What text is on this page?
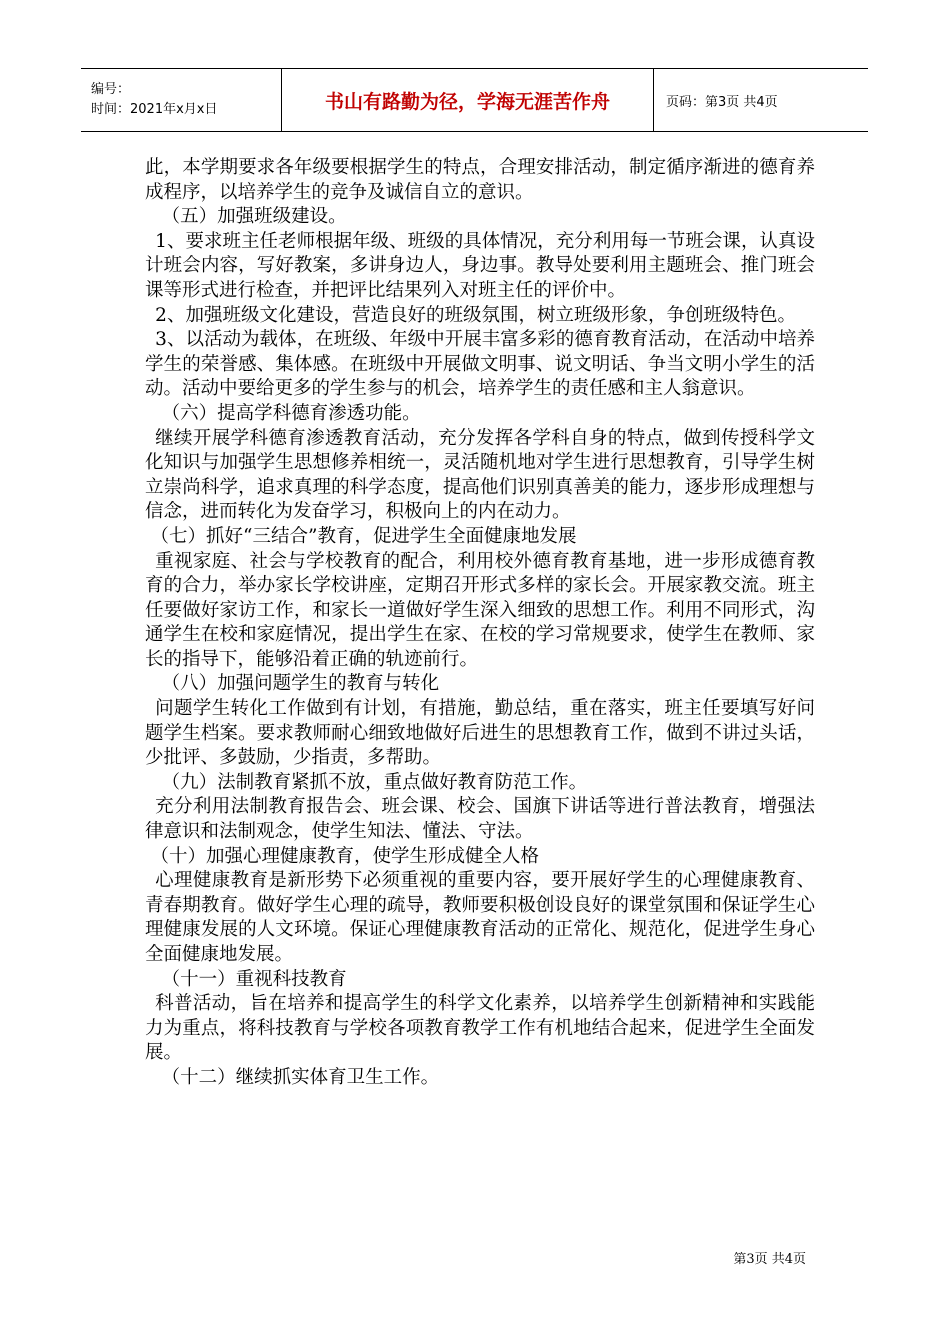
编号：
时间：2021年x月x日	书山有路勤为径，学海无涯苦作舟	页码：第3页 共4页

此，本学期要求各年级要根据学生的特点，合理安排活动，制定循序渐进的德育养成程序，以培养学生的竞争及诚信自立的意识。

（五）加强班级建设。

1、要求班主任老师根据年级、班级的具体情况，充分利用每一节班会课，认真设计班会内容，写好教案，多讲身边人，身边事。教导处要利用主题班会、推门班会课等形式进行检查，并把评比结果列入对班主任的评价中。

2、加强班级文化建设，营造良好的班级氛围，树立班级形象，争创班级特色。

3、以活动为载体，在班级、年级中开展丰富多彩的德育教育活动，在活动中培养学生的荣誉感、集体感。在班级中开展做文明事、说文明话、争当文明小学生的活动。活动中要给更多的学生参与的机会，培养学生的责任感和主人翁意识。

（六）提高学科德育渗透功能。

继续开展学科德育渗透教育活动，充分发挥各学科自身的特点，做到传授科学文化知识与加强学生思想修养相统一，灵活随机地对学生进行思想教育，引导学生树立崇尚科学，追求真理的科学态度，提高他们识别真善美的能力，逐步形成理想与信念，进而转化为发奋学习，积极向上的内在动力。

（七）抓好“三结合”教育，促进学生全面健康地发展

重视家庭、社会与学校教育的配合，利用校外德育教育基地，进一步形成德育教育的合力，举办家长学校讲座，定期召开形式多样的家长会。开展家教交流。班主任要做好家访工作，和家长一道做好学生深入细致的思想工作。利用不同形式，沟通学生在校和家庭情况，提出学生在家、在校的学习常规要求，使学生在教师、家长的指导下，能够沿着正确的轨迹前行。

（八）加强问题学生的教育与转化

问题学生转化工作做到有计划，有措施，勤总结，重在落实，班主任要填写好问题学生档案。要求教师耐心细致地做好后进生的思想教育工作，做到不讲过头话，少批评、多鼓励，少指责，多帮助。

（九）法制教育紧抓不放，重点做好教育防范工作。

充分利用法制教育报告会、班会课、校会、国旗下讲话等进行普法教育，增强法律意识和法制观念，使学生知法、懂法、守法。

（十）加强心理健康教育，使学生形成健全人格

心理健康教育是新形势下必须重视的重要内容，要开展好学生的心理健康教育、青春期教育。做好学生心理的疏导，教师要积极创设良好的课堂氛围和保证学生心理健康发展的人文环境。保证心理健康教育活动的正常化、规范化，促进学生身心全面健康地发展。

（十一）重视科技教育

科普活动，旨在培养和提高学生的科学文化素养，以培养学生创新精神和实践能力为重点，将科技教育与学校各项教育教学工作有机地结合起来，促进学生全面发展。

（十二）继续抓实体育卫生工作。

第3页 共4页
